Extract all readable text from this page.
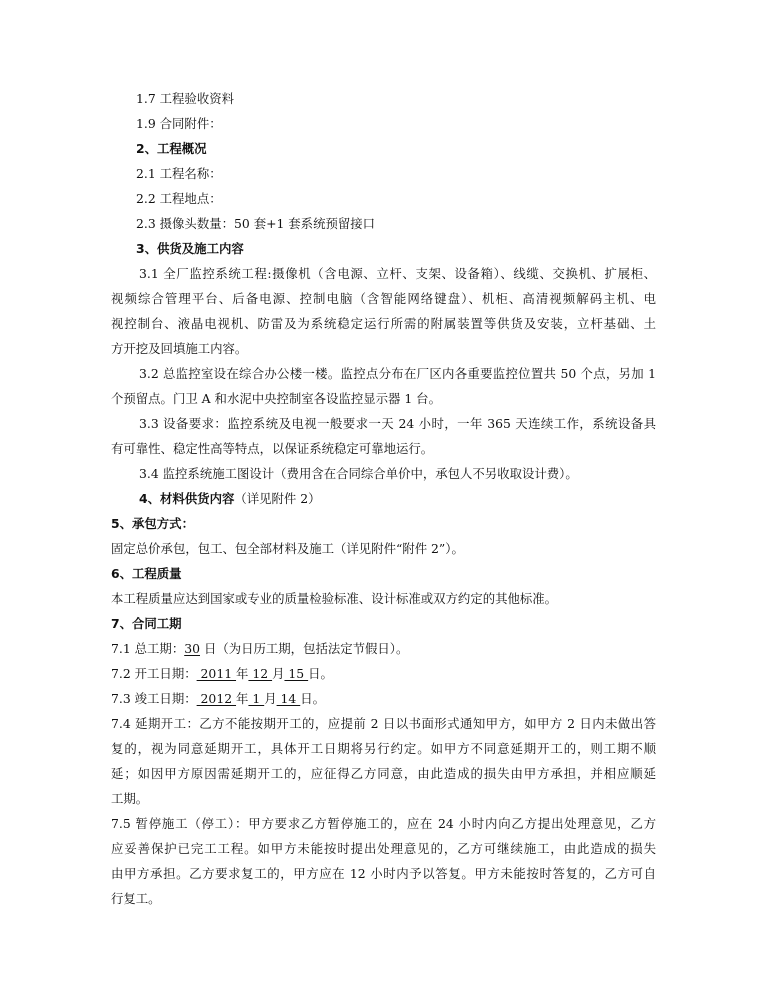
1.7 工程验收资料
1.9 合同附件：
2、工程概况
2.1 工程名称：
2.2 工程地点：
2.3 摄像头数量：50 套+1 套系统预留接口
3、供货及施工内容
3.1 全厂监控系统工程:摄像机（含电源、立杆、支架、设备箱）、线缆、交换机、扩展柜、
视频综合管理平台、后备电源、控制电脑（含智能网络键盘）、机柜、高清视频解码主机、电
视控制台、液晶电视机、防雷及为系统稳定运行所需的附属装置等供货及安装，立杆基础、土
方开挖及回填施工内容。
3.2 总监控室设在综合办公楼一楼。监控点分布在厂区内各重要监控位置共 50 个点，另加 1
个预留点。门卫 A 和水泥中央控制室各设监控显示器 1 台。
3.3 设备要求：监控系统及电视一般要求一天 24 小时，一年 365 天连续工作，系统设备具
有可靠性、稳定性高等特点，以保证系统稳定可靠地运行。
3.4 监控系统施工图设计（费用含在合同综合单价中，承包人不另收取设计费）。
4、材料供货内容（详见附件 2）
5、承包方式：
固定总价承包，包工、包全部材料及施工（详见附件“附件 2”）。
6、工程质量
本工程质量应达到国家或专业的质量检验标准、设计标准或双方约定的其他标准。
7、合同工期
7.1 总工期：30 日（为日历工期，包括法定节假日）。
7.2 开工日期： 2011 年 12 月 15 日。
7.3 竣工日期： 2012 年 1 月 14 日。
7.4 延期开工：乙方不能按期开工的，应提前 2 日以书面形式通知甲方，如甲方 2 日内未做出答
复的，视为同意延期开工，具体开工日期将另行约定。如甲方不同意延期开工的，则工期不顺
延；如因甲方原因需延期开工的，应征得乙方同意，由此造成的损失由甲方承担，并相应顺延
工期。
7.5 暂停施工（停工）：甲方要求乙方暂停施工的，应在 24 小时内向乙方提出处理意见，乙方
应妥善保护已完工工程。如甲方未能按时提出处理意见的，乙方可继续施工，由此造成的损失
由甲方承担。乙方要求复工的，甲方应在 12 小时内予以答复。甲方未能按时答复的，乙方可自
行复工。
